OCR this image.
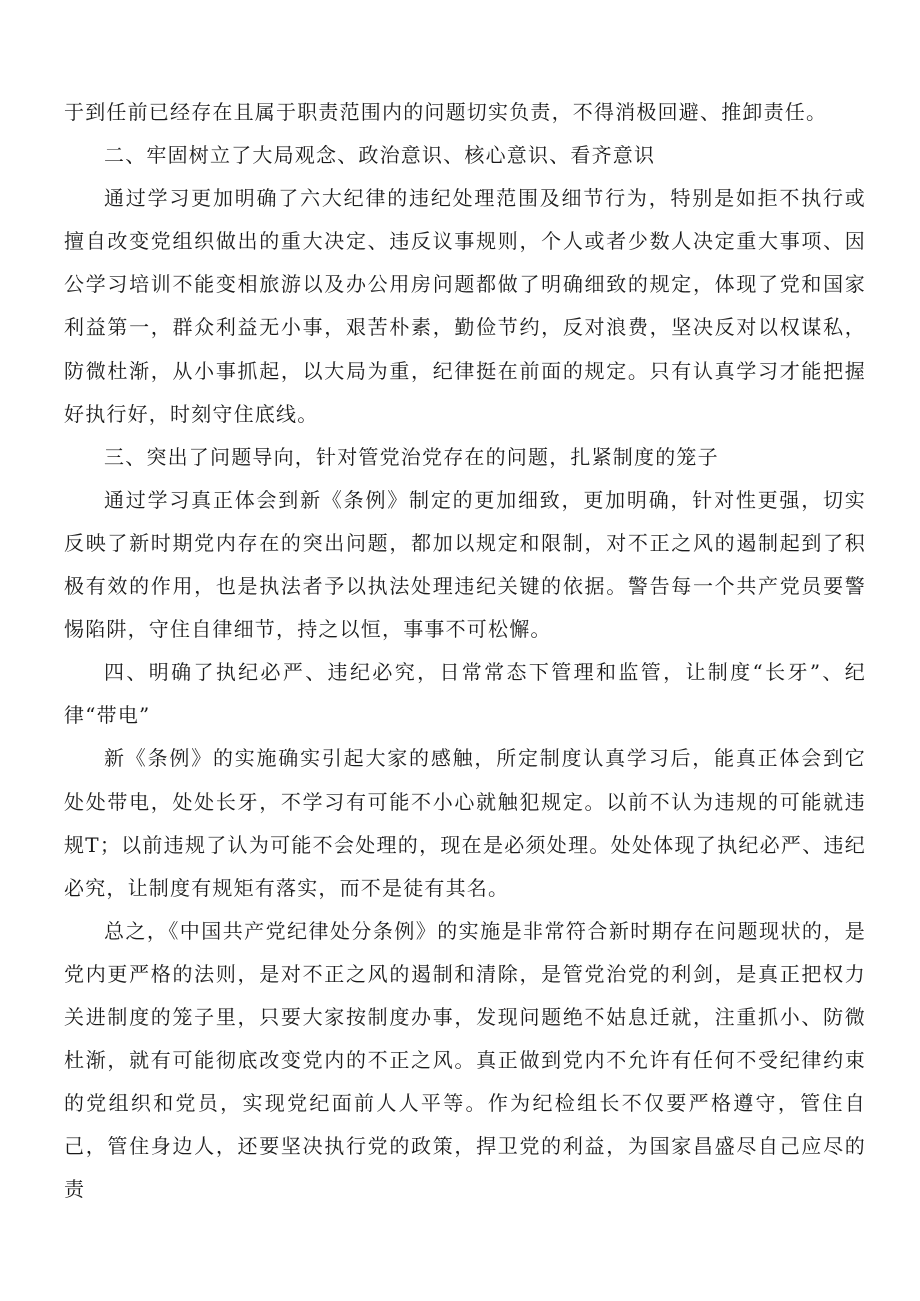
于到任前已经存在且属于职责范围内的问题切实负责，不得消极回避、推卸责任。

二、牢固树立了大局观念、政治意识、核心意识、看齐意识

通过学习更加明确了六大纪律的违纪处理范围及细节行为，特别是如拒不执行或擅自改变党组织做出的重大决定、违反议事规则，个人或者少数人决定重大事项、因公学习培训不能变相旅游以及办公用房问题都做了明确细致的规定，体现了党和国家利益第一，群众利益无小事，艰苦朴素，勤俭节约，反对浪费，坚决反对以权谋私，防微杜渐，从小事抓起，以大局为重，纪律挺在前面的规定。只有认真学习才能把握好执行好，时刻守住底线。

三、突出了问题导向，针对管党治党存在的问题，扎紧制度的笼子

通过学习真正体会到新《条例》制定的更加细致，更加明确，针对性更强，切实反映了新时期党内存在的突出问题，都加以规定和限制，对不正之风的遏制起到了积极有效的作用，也是执法者予以执法处理违纪关键的依据。警告每一个共产党员要警惕陷阱，守住自律细节，持之以恒，事事不可松懈。

四、明确了执纪必严、违纪必究，日常常态下管理和监管，让制度“长牙”、纪律“带电”

新《条例》的实施确实引起大家的感触，所定制度认真学习后，能真正体会到它处处带电，处处长牙，不学习有可能不小心就触犯规定。以前不认为违规的可能就违规T；以前违规了认为可能不会处理的，现在是必须处理。处处体现了执纪必严、违纪必究，让制度有规矩有落实，而不是徒有其名。

总之，《中国共产党纪律处分条例》的实施是非常符合新时期存在问题现状的，是党内更严格的法则，是对不正之风的遏制和清除，是管党治党的利剑，是真正把权力关进制度的笼子里，只要大家按制度办事，发现问题绝不姑息迁就，注重抓小、防微杜渐，就有可能彻底改变党内的不正之风。真正做到党内不允许有任何不受纪律约束的党组织和党员，实现党纪面前人人平等。作为纪检组长不仅要严格遵守，管住自己，管住身边人，还要坚决执行党的政策，捍卫党的利益，为国家昌盛尽自己应尽的责
